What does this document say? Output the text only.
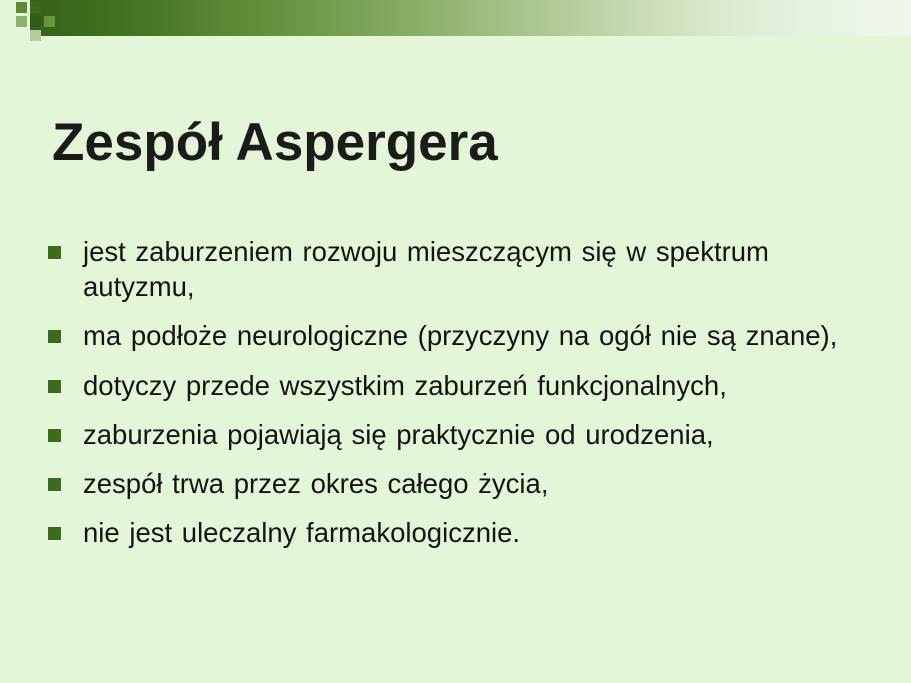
Zespół Aspergera
jest zaburzeniem rozwoju mieszczącym się w spektrum autyzmu,
ma podłoże neurologiczne (przyczyny na ogół nie są znane),
dotyczy przede wszystkim zaburzeń funkcjonalnych,
zaburzenia pojawiają się praktycznie od urodzenia,
zespół trwa przez okres całego życia,
nie jest uleczalny farmakologicznie.
